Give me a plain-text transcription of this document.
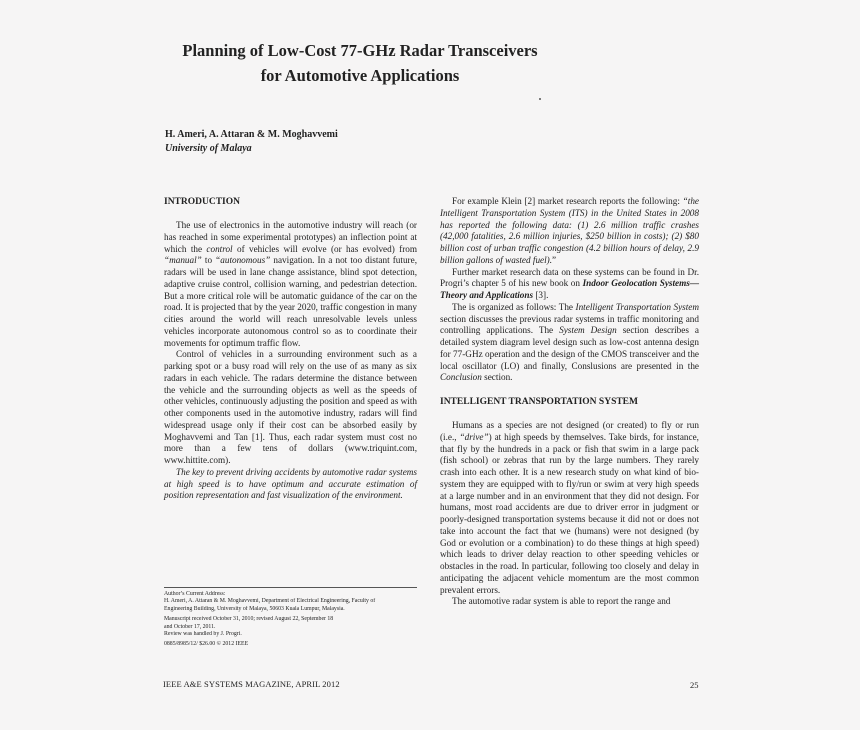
Planning of Low-Cost 77-GHz Radar Transceivers
for Automotive Applications
H. Ameri, A. Attaran & M. Moghavvemi
University of Malaya
INTRODUCTION

The use of electronics in the automotive industry will reach (or has reached in some experimental prototypes) an inflection point at which the control of vehicles will evolve (or has evolved) from “manual” to “autonomous” navigation. In a not too distant future, radars will be used in lane change assistance, blind spot detection, adaptive cruise control, collision warning, and pedestrian detection. But a more critical role will be automatic guidance of the car on the road. It is projected that by the year 2020, traffic congestion in many cities around the world will reach unresolvable levels unless vehicles incorporate autonomous control so as to coordinate their movements for optimum traffic flow.

Control of vehicles in a surrounding environment such as a parking spot or a busy road will rely on the use of as many as six radars in each vehicle. The radars determine the distance between the vehicle and the surrounding objects as well as the speeds of other vehicles, continuously adjusting the position and speed as with other components used in the automotive industry, radars will find widespread usage only if their cost can be absorbed easily by Moghavvemi and Tan [1]. Thus, each radar system must cost no more than a few tens of dollars (www.triquint.com, www.hittite.com).

The key to prevent driving accidents by automotive radar systems at high speed is to have optimum and accurate estimation of position representation and fast visualization of the environment.

Author’s Current Address:
H. Ameri, A. Attaran & M. Moghavvemi, Department of Electrical Engineering, Faculty of
Engineering Building, University of Malaya, 50603 Kuala Lumpur, Malaysia.
Manuscript received October 31, 2010; revised August 22, September 18
and October 17, 2011.
Review was handled by J. Progri.
0885/8985/12/ $26.00 © 2012 IEEE

For example Klein [2] market research reports the following: “the Intelligent Transportation System (ITS) in the United States in 2008 has reported the following data: (1) 2.6 million traffic crashes (42,000 fatalities, 2.6 million injuries, $250 billion in costs); (2) $80 billion cost of urban traffic congestion (4.2 billion hours of delay, 2.9 billion gallons of wasted fuel).”

Further market research data on these systems can be found in Dr. Progri’s chapter 5 of his new book on Indoor Geolocation Systems—Theory and Applications [3].

The is organized as follows: The Intelligent Transportation System section discusses the previous radar systems in traffic monitoring and controlling applications. The System Design section describes a detailed system diagram level design such as low-cost antenna design for 77-GHz operation and the design of the CMOS transceiver and the local oscillator (LO) and finally, Conslusions are presented in the Conclusion section.

INTELLIGENT TRANSPORTATION SYSTEM

Humans as a species are not designed (or created) to fly or run (i.e., “drive”) at high speeds by themselves. Take birds, for instance, that fly by the hundreds in a pack or fish that swim in a large pack (fish school) or zebras that run by the large numbers. They rarely crash into each other. It is a new research study on what kind of bio-system they are equipped with to fly/run or swim at very high speeds at a large number and in an environment that they did not design. For humans, most road accidents are due to driver error in judgment or poorly-designed transportation systems because it did not or does not take into account the fact that we (humans) were not designed (by God or evolution or a combination) to do these things at high speed) which leads to driver delay reaction to other speeding vehicles or obstacles in the road. In particular, following too closely and delay in anticipating the adjacent vehicle momentum are the most common prevalent errors.

The automotive radar system is able to report the range and

IEEE A&E SYSTEMS MAGAZINE, APRIL 2012	25
